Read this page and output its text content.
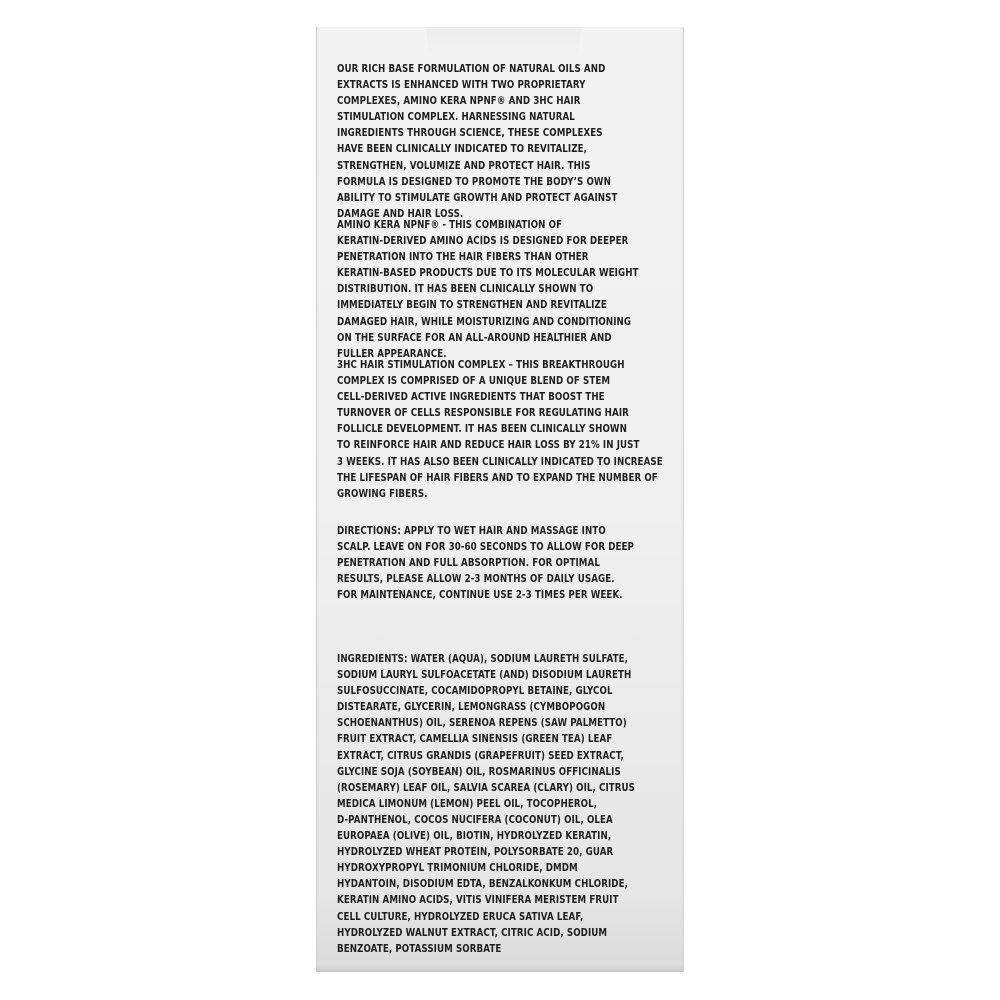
OUR RICH BASE FORMULATION OF NATURAL OILS AND
EXTRACTS IS ENHANCED WITH TWO PROPRIETARY
COMPLEXES, AMINO KERA NPNF® AND 3HC HAIR
STIMULATION COMPLEX. HARNESSING NATURAL
INGREDIENTS THROUGH SCIENCE, THESE COMPLEXES
HAVE BEEN CLINICALLY INDICATED TO REVITALIZE,
STRENGTHEN, VOLUMIZE AND PROTECT HAIR. THIS
FORMULA IS DESIGNED TO PROMOTE THE BODY’S OWN
ABILITY TO STIMULATE GROWTH AND PROTECT AGAINST
DAMAGE AND HAIR LOSS.
AMINO KERA NPNF® - THIS COMBINATION OF
KERATIN-DERIVED AMINO ACIDS IS DESIGNED FOR DEEPER
PENETRATION INTO THE HAIR FIBERS THAN OTHER
KERATIN-BASED PRODUCTS DUE TO ITS MOLECULAR WEIGHT
DISTRIBUTION. IT HAS BEEN CLINICALLY SHOWN TO
IMMEDIATELY BEGIN TO STRENGTHEN AND REVITALIZE
DAMAGED HAIR, WHILE MOISTURIZING AND CONDITIONING
ON THE SURFACE FOR AN ALL-AROUND HEALTHIER AND
FULLER APPEARANCE.
3HC HAIR STIMULATION COMPLEX – THIS BREAKTHROUGH
COMPLEX IS COMPRISED OF A UNIQUE BLEND OF STEM
CELL-DERIVED ACTIVE INGREDIENTS THAT BOOST THE
TURNOVER OF CELLS RESPONSIBLE FOR REGULATING HAIR
FOLLICLE DEVELOPMENT. IT HAS BEEN CLINICALLY SHOWN
TO REINFORCE HAIR AND REDUCE HAIR LOSS BY 21% IN JUST
3 WEEKS. IT HAS ALSO BEEN CLINICALLY INDICATED TO INCREASE
THE LIFESPAN OF HAIR FIBERS AND TO EXPAND THE NUMBER OF
GROWING FIBERS.
DIRECTIONS: APPLY TO WET HAIR AND MASSAGE INTO
SCALP. LEAVE ON FOR 30-60 SECONDS TO ALLOW FOR DEEP
PENETRATION AND FULL ABSORPTION. FOR OPTIMAL
RESULTS, PLEASE ALLOW 2-3 MONTHS OF DAILY USAGE.
FOR MAINTENANCE, CONTINUE USE 2-3 TIMES PER WEEK.
INGREDIENTS: WATER (AQUA), SODIUM LAURETH SULFATE,
SODIUM LAURYL SULFOACETATE (AND) DISODIUM LAURETH
SULFOSUCCINATE, COCAMIDOPROPYL BETAINE, GLYCOL
DISTEARATE, GLYCERIN, LEMONGRASS (CYMBOPOGON
SCHOENANTHUS) OIL, SERENOA REPENS (SAW PALMETTO)
FRUIT EXTRACT, CAMELLIA SINENSIS (GREEN TEA) LEAF
EXTRACT, CITRUS GRANDIS (GRAPEFRUIT) SEED EXTRACT,
GLYCINE SOJA (SOYBEAN) OIL, ROSMARINUS OFFICINALIS
(ROSEMARY) LEAF OIL, SALVIA SCAREA (CLARY) OIL, CITRUS
MEDICA LIMONUM (LEMON) PEEL OIL, TOCOPHEROL,
D-PANTHENOL, COCOS NUCIFERA (COCONUT) OIL, OLEA
EUROPAEA (OLIVE) OIL, BIOTIN, HYDROLYZED KERATIN,
HYDROLYZED WHEAT PROTEIN, POLYSORBATE 20, GUAR
HYDROXYPROPYL TRIMONIUM CHLORIDE, DMDM
HYDANTOIN, DISODIUM EDTA, BENZALKONKUM CHLORIDE,
KERATIN AMINO ACIDS, VITIS VINIFERA MERISTEM FRUIT
CELL CULTURE, HYDROLYZED ERUCA SATIVA LEAF,
HYDROLYZED WALNUT EXTRACT, CITRIC ACID, SODIUM
BENZOATE, POTASSIUM SORBATE
